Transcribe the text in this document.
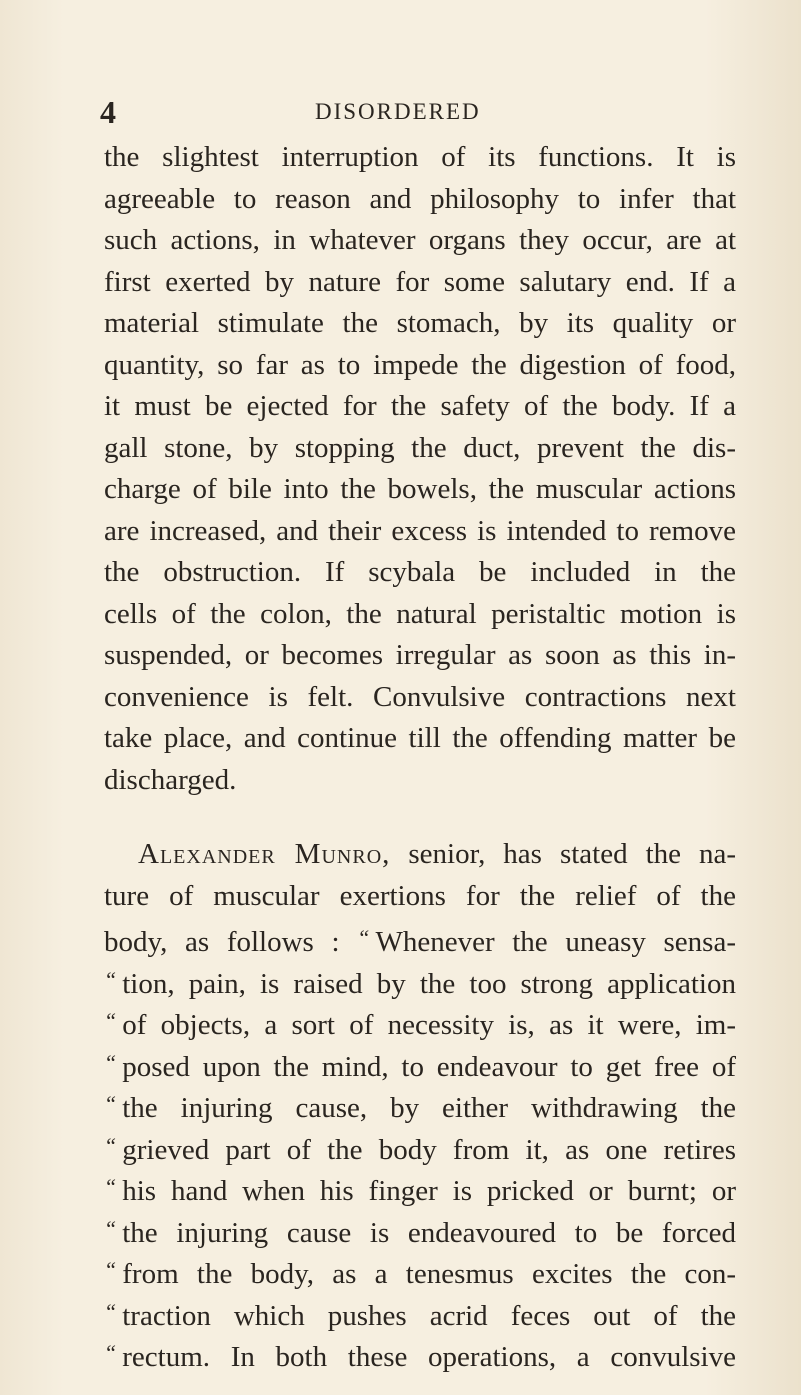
4	DISORDERED
the slightest interruption of its functions. It is
agreeable to reason and philosophy to infer that
such actions, in whatever organs they occur, are at
first exerted by nature for some salutary end. If a
material stimulate the stomach, by its quality or
quantity, so far as to impede the digestion of food,
it must be ejected for the safety of the body. If a
gall stone, by stopping the duct, prevent the dis-
charge of bile into the bowels, the muscular actions
are increased, and their excess is intended to remove
the obstruction. If scybala be included in the
cells of the colon, the natural peristaltic motion is
suspended, or becomes irregular as soon as this in-
convenience is felt. Convulsive contractions next
take place, and continue till the offending matter be
discharged.
Alexander Munro, senior, has stated the na-
ture of muscular exertions for the relief of the
body, as follows : “ Whenever the uneasy sensa-
“ tion, pain, is raised by the too strong application
“ of objects, a sort of necessity is, as it were, im-
“ posed upon the mind, to endeavour to get free of
“ the injuring cause, by either withdrawing the
“ grieved part of the body from it, as one retires
“ his hand when his finger is pricked or burnt; or
“ the injuring cause is endeavoured to be forced
“ from the body, as a tenesmus excites the con-
“ traction which pushes acrid feces out of the
“ rectum. In both these operations, a convulsive
